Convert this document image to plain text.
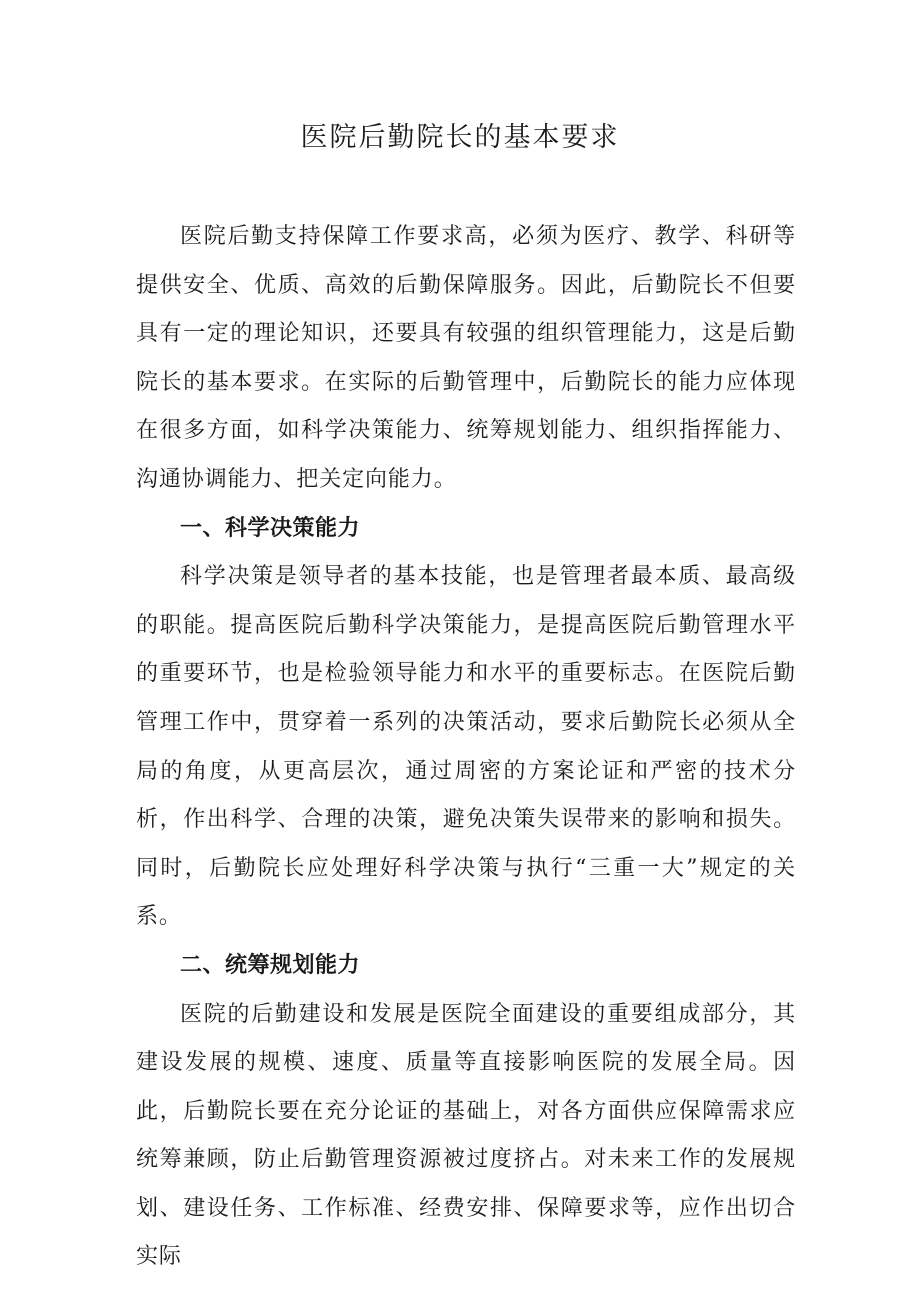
医院后勤院长的基本要求

医院后勤支持保障工作要求高，必须为医疗、教学、科研等提供安全、优质、高效的后勤保障服务。因此，后勤院长不但要具有一定的理论知识，还要具有较强的组织管理能力，这是后勤院长的基本要求。在实际的后勤管理中，后勤院长的能力应体现在很多方面，如科学决策能力、统筹规划能力、组织指挥能力、沟通协调能力、把关定向能力。

一、科学决策能力

科学决策是领导者的基本技能，也是管理者最本质、最高级的职能。提高医院后勤科学决策能力，是提高医院后勤管理水平的重要环节，也是检验领导能力和水平的重要标志。在医院后勤管理工作中，贯穿着一系列的决策活动，要求后勤院长必须从全局的角度，从更高层次，通过周密的方案论证和严密的技术分析，作出科学、合理的决策，避免决策失误带来的影响和损失。同时，后勤院长应处理好科学决策与执行“三重一大”规定的关系。

二、统筹规划能力

医院的后勤建设和发展是医院全面建设的重要组成部分，其建设发展的规模、速度、质量等直接影响医院的发展全局。因此，后勤院长要在充分论证的基础上，对各方面供应保障需求应统筹兼顾，防止后勤管理资源被过度挤占。对未来工作的发展规划、建设任务、工作标准、经费安排、保障要求等，应作出切合实际
